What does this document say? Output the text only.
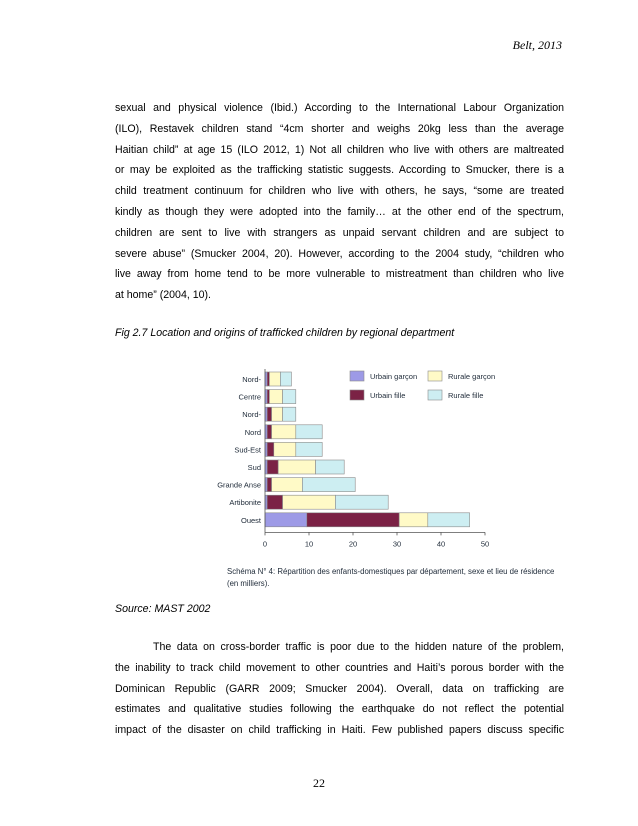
Belt, 2013
sexual and physical violence (Ibid.) According to the International Labour Organization
(ILO), Restavek children stand “4cm shorter and weighs 20kg less than the average
Haitian child” at age 15 (ILO 2012, 1) Not all children who live with others are maltreated
or may be exploited as the trafficking statistic suggests. According to Smucker, there is a
child treatment continuum for children who live with others, he says, “some are treated
kindly as though they were adopted into the family… at the other end of the spectrum,
children are sent to live with strangers as unpaid servant children and are subject to
severe abuse” (Smucker 2004, 20). However, according to the 2004 study, “children who
live away from home tend to be more vulnerable to mistreatment than children who live
at home” (2004, 10).
Fig 2.7 Location and origins of trafficked children by regional department
Nord-
Centre
Nord-
Nord
Sud-Est
Sud
Grande Anse
Artibonite
Ouest
0	10	20	30	40	50
Urbain garçon	Rurale garçon
Urbain fille	Rurale fille
Schéma N° 4: Répartition des enfants-domestiques par département, sexe et lieu de résidence (en milliers).
Source: MAST 2002
The data on cross-border traffic is poor due to the hidden nature of the problem,
the inability to track child movement to other countries and Haiti’s porous border with the
Dominican Republic (GARR 2009; Smucker 2004). Overall, data on trafficking are
estimates and qualitative studies following the earthquake do not reflect the potential
impact of the disaster on child trafficking in Haiti. Few published papers discuss specific
22
